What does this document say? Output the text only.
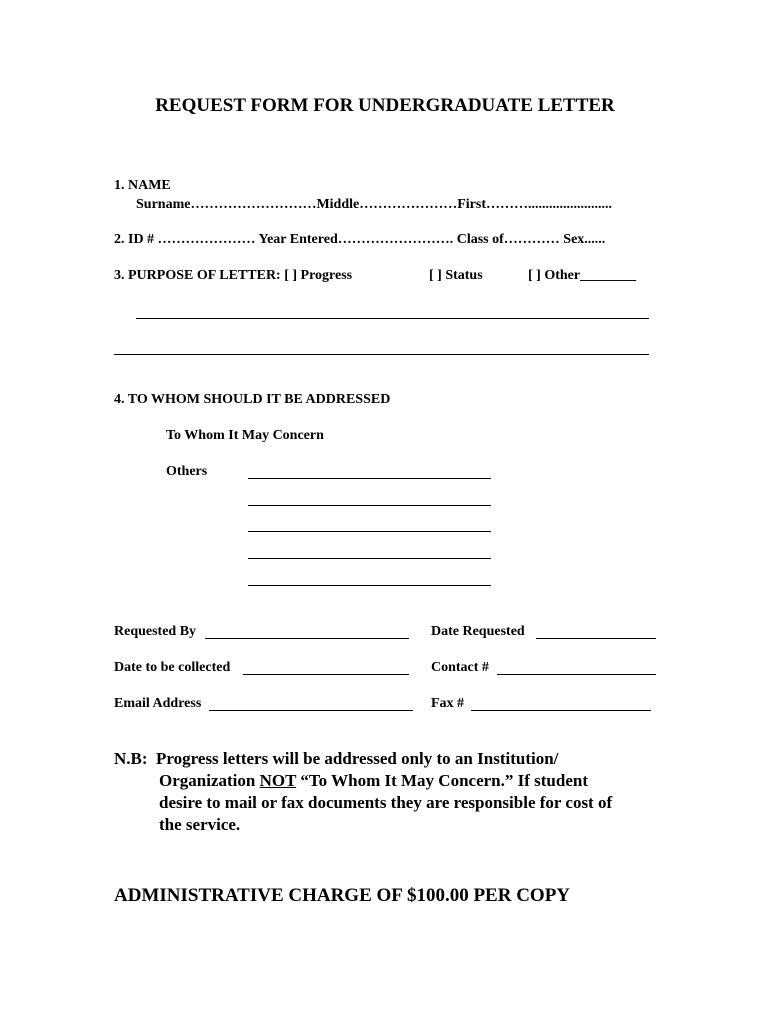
REQUEST FORM FOR UNDERGRADUATE LETTER
1. NAME
Surname………………………Middle…………………First………........................
2. ID # ………………… Year Entered……………………. Class of………… Sex......
3. PURPOSE OF LETTER: [ ] Progress	[ ] Status	[ ] Other________
4. TO WHOM SHOULD IT BE ADDRESSED
To Whom It May Concern
Others
Requested By	Date Requested
Date to be collected	Contact #
Email Address	Fax #
N.B: Progress letters will be addressed only to an Institution/
Organization NOT “To Whom It May Concern.” If student
desire to mail or fax documents they are responsible for cost of
the service.
ADMINISTRATIVE CHARGE OF $100.00 PER COPY
